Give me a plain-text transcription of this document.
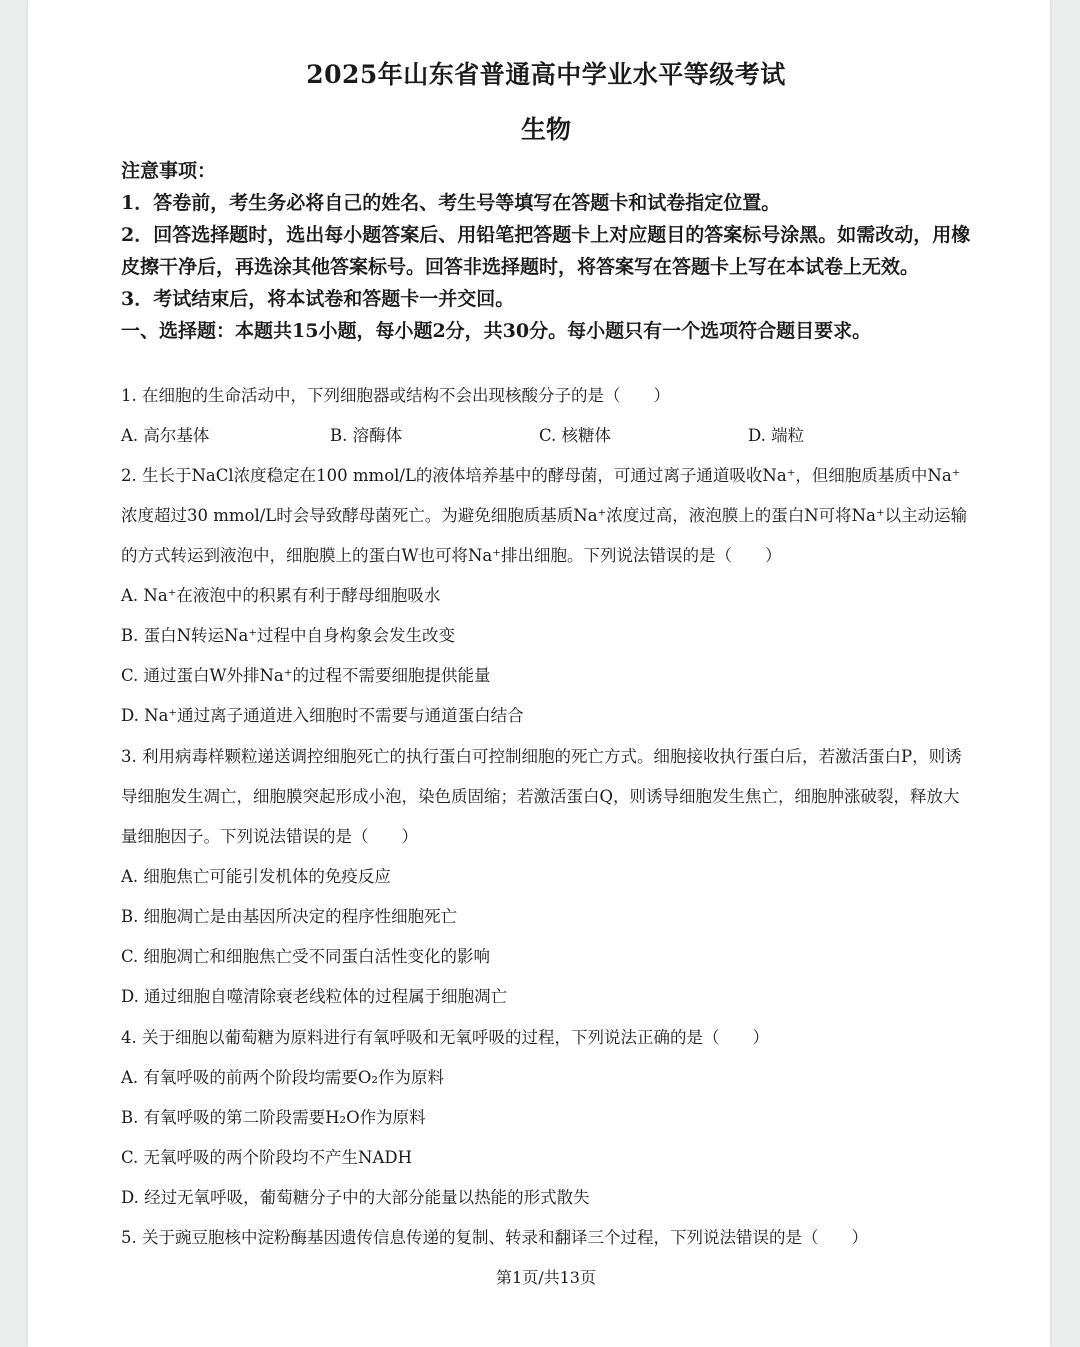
2025年山东省普通高中学业水平等级考试
生物
注意事项：
1．答卷前，考生务必将自己的姓名、考生号等填写在答题卡和试卷指定位置。
2．回答选择题时，选出每小题答案后、用铅笔把答题卡上对应题目的答案标号涂黑。如需改动，用橡皮擦干净后，再选涂其他答案标号。回答非选择题时，将答案写在答题卡上写在本试卷上无效。
3．考试结束后，将本试卷和答题卡一并交回。
一、选择题：本题共15小题，每小题2分，共30分。每小题只有一个选项符合题目要求。
1. 在细胞的生命活动中，下列细胞器或结构不会出现核酸分子的是（　　）
A. 高尔基体	B. 溶酶体	C. 核糖体	D. 端粒
2. 生长于NaCl浓度稳定在100 mmol/L的液体培养基中的酵母菌，可通过离子通道吸收Na⁺，但细胞质基质中Na⁺浓度超过30 mmol/L时会导致酵母菌死亡。为避免细胞质基质Na⁺浓度过高，液泡膜上的蛋白N可将Na⁺以主动运输的方式转运到液泡中，细胞膜上的蛋白W也可将Na⁺排出细胞。下列说法错误的是（　　）
A. Na⁺在液泡中的积累有利于酵母细胞吸水
B. 蛋白N转运Na⁺过程中自身构象会发生改变
C. 通过蛋白W外排Na⁺的过程不需要细胞提供能量
D. Na⁺通过离子通道进入细胞时不需要与通道蛋白结合
3. 利用病毒样颗粒递送调控细胞死亡的执行蛋白可控制细胞的死亡方式。细胞接收执行蛋白后，若激活蛋白P，则诱导细胞发生凋亡，细胞膜突起形成小泡，染色质固缩；若激活蛋白Q，则诱导细胞发生焦亡，细胞肿涨破裂，释放大量细胞因子。下列说法错误的是（　　）
A. 细胞焦亡可能引发机体的免疫反应
B. 细胞凋亡是由基因所决定的程序性细胞死亡
C. 细胞凋亡和细胞焦亡受不同蛋白活性变化的影响
D. 通过细胞自噬清除衰老线粒体的过程属于细胞凋亡
4. 关于细胞以葡萄糖为原料进行有氧呼吸和无氧呼吸的过程，下列说法正确的是（　　）
A. 有氧呼吸的前两个阶段均需要O₂作为原料
B. 有氧呼吸的第二阶段需要H₂O作为原料
C. 无氧呼吸的两个阶段均不产生NADH
D. 经过无氧呼吸，葡萄糖分子中的大部分能量以热能的形式散失
5. 关于豌豆胞核中淀粉酶基因遗传信息传递的复制、转录和翻译三个过程，下列说法错误的是（　　）
第1页/共13页
